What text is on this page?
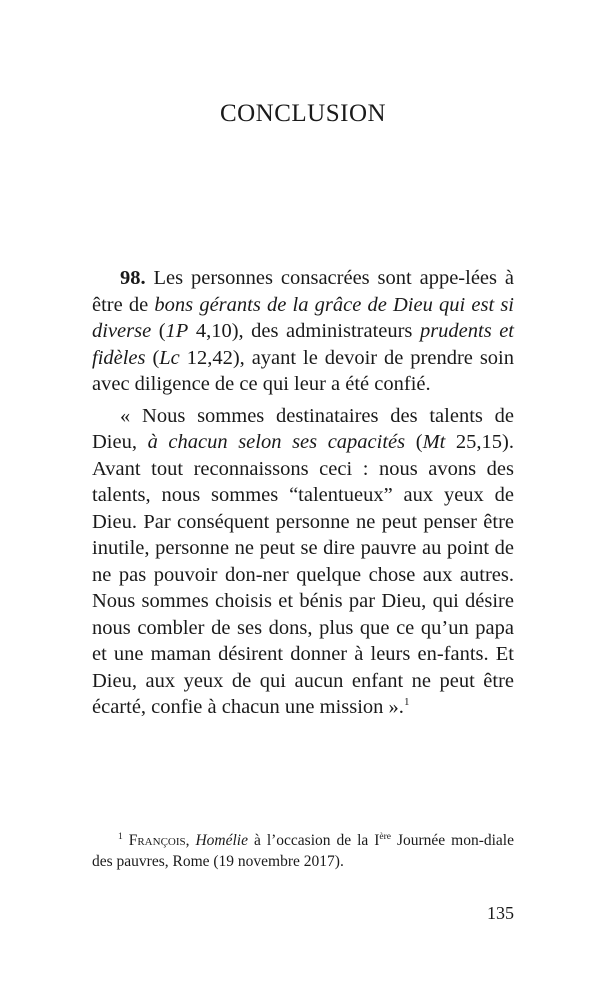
CONCLUSION

98. Les personnes consacrées sont appe-lées à être de bons gérants de la grâce de Dieu qui est si diverse (1P 4,10), des administrateurs prudents et fidèles (Lc 12,42), ayant le devoir de prendre soin avec diligence de ce qui leur a été confié.

« Nous sommes destinataires des talents de Dieu, à chacun selon ses capacités (Mt 25,15). Avant tout reconnaissons ceci : nous avons des talents, nous sommes “talentueux” aux yeux de Dieu. Par conséquent personne ne peut penser être inutile, personne ne peut se dire pauvre au point de ne pas pouvoir don-ner quelque chose aux autres. Nous sommes choisis et bénis par Dieu, qui désire nous combler de ses dons, plus que ce qu’un papa et une maman désirent donner à leurs en-fants. Et Dieu, aux yeux de qui aucun enfant ne peut être écarté, confie à chacun une mission ».$^1$

$^1$ François, Homélie à l’occasion de la Ière Journée mon-diale des pauvres, Rome (19 novembre 2017).

135
